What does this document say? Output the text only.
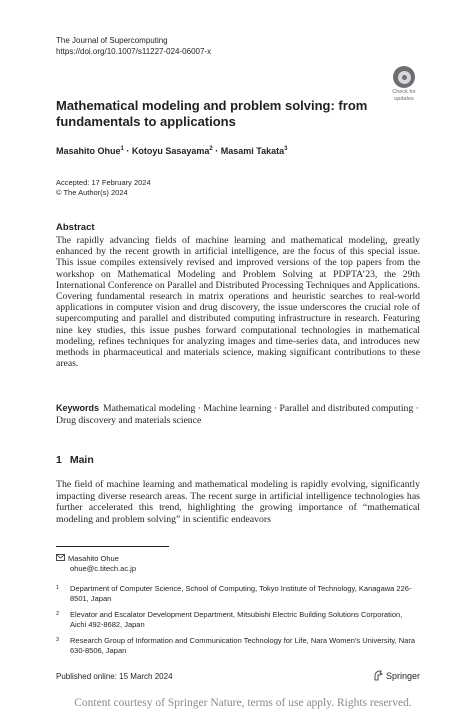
The Journal of Supercomputing
https://doi.org/10.1007/s11227-024-06007-x
Check for
updates
Mathematical modeling and problem solving: from fundamentals to applications
Masahito Ohue$^1$ · Kotoyu Sasayama$^2$ · Masami Takata$^3$
Accepted: 17 February 2024
© The Author(s) 2024
Abstract
The rapidly advancing fields of machine learning and mathematical modeling, greatly enhanced by the recent growth in artificial intelligence, are the focus of this special issue. This issue compiles extensively revised and improved versions of the top papers from the workshop on Mathematical Modeling and Problem Solving at PDPTA’23, the 29th International Conference on Parallel and Distributed Processing Techniques and Applications. Covering fundamental research in matrix operations and heuristic searches to real-world applications in computer vision and drug discovery, the issue underscores the crucial role of supercomputing and parallel and distributed computing infrastructure in research. Featuring nine key studies, this issue pushes forward computational technologies in mathematical modeling, refines techniques for analyzing images and time-series data, and introduces new methods in pharmaceutical and materials science, making significant contributions to these areas.
Keywords Mathematical modeling · Machine learning · Parallel and distributed computing · Drug discovery and materials science
1 Main
The field of machine learning and mathematical modeling is rapidly evolving, significantly impacting diverse research areas. The recent surge in artificial intelligence technologies has further accelerated this trend, highlighting the growing importance of “mathematical modeling and problem solving” in scientific endeavors
Masahito Ohue
ohue@c.titech.ac.jp
1	Department of Computer Science, School of Computing, Tokyo Institute of Technology, Kanagawa 226-8501, Japan
2	Elevator and Escalator Development Department, Mitsubishi Electric Building Solutions Corporation, Aichi 492-8682, Japan
3	Research Group of Information and Communication Technology for Life, Nara Women’s University, Nara 630-8506, Japan
Published online: 15 March 2024	Springer
Content courtesy of Springer Nature, terms of use apply. Rights reserved.
